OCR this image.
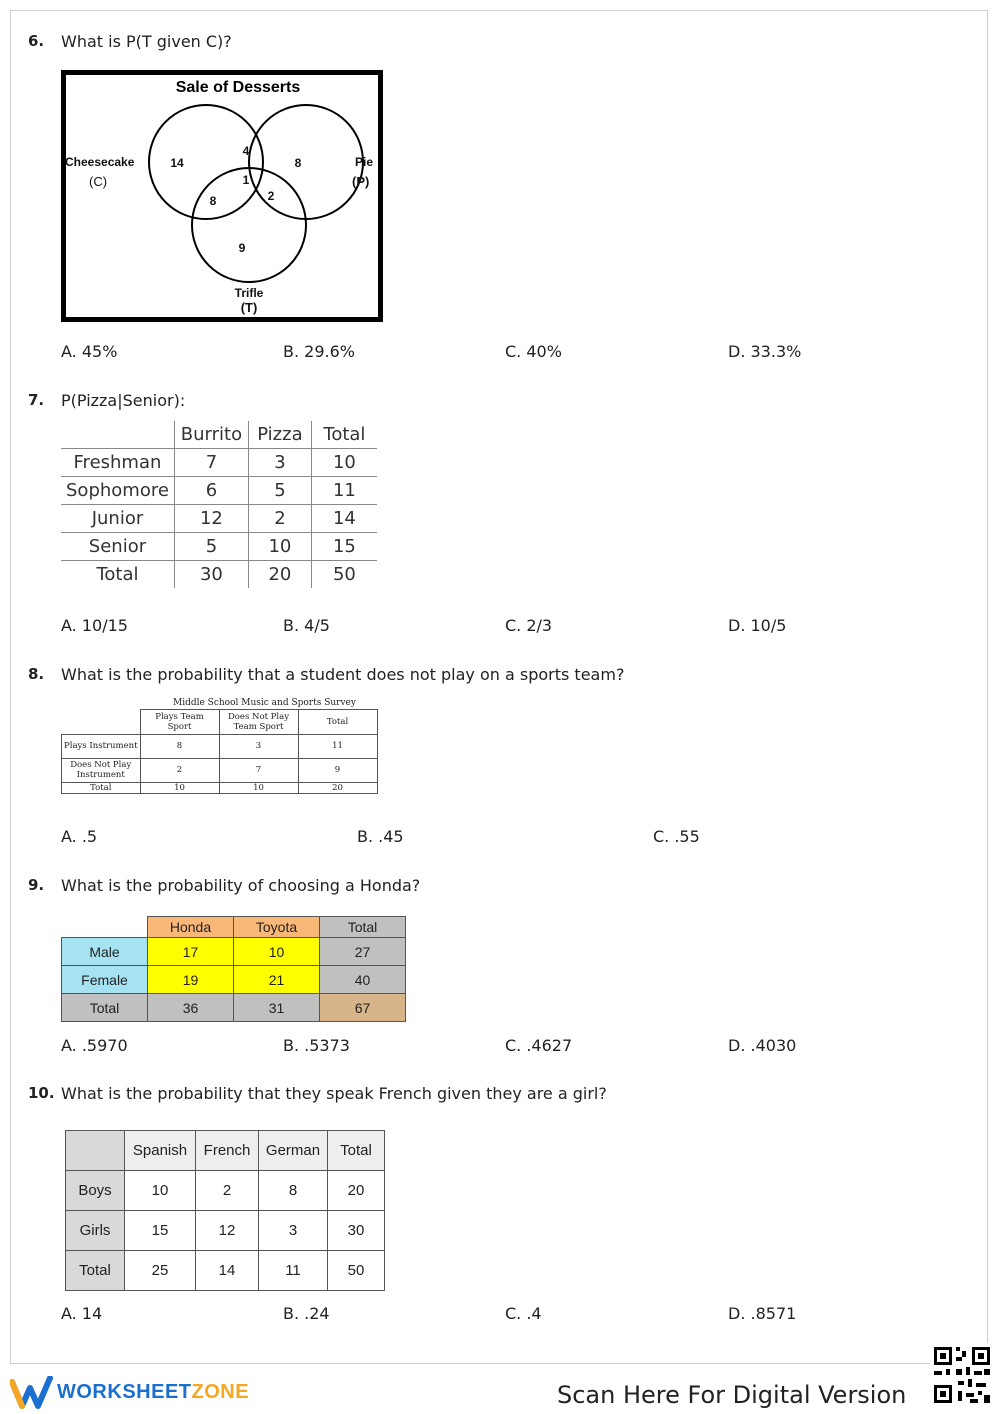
6. What is P(T given C)?
Sale of Desserts
Cheesecake
(C)
Pie
(P)
Trifle
(T)
14
4
8
1
8	2
9
A. 45%	B. 29.6%	C. 40%	D. 33.3%
7. P(Pizza|Senior):
	Burrito	Pizza	Total
Freshman	7	3	10
Sophomore	6	5	11
Junior	12	2	14
Senior	5	10	15
Total	30	20	50
A. 10/15	B. 4/5	C. 2/3	D. 10/5
8. What is the probability that a student does not play on a sports team?
Middle School Music and Sports Survey
	Plays Team Sport	Does Not Play Team Sport	Total
Plays Instrument	8	3	11
Does Not Play Instrument	2	7	9
Total	10	10	20
A. .5	B. .45	C. .55
9. What is the probability of choosing a Honda?
	Honda	Toyota	Total
Male	17	10	27
Female	19	21	40
Total	36	31	67
A. .5970	B. .5373	C. .4627	D. .4030
10. What is the probability that they speak French given they are a girl?
	Spanish	French	German	Total
Boys	10	2	8	20
Girls	15	12	3	30
Total	25	14	11	50
A. 14	B. .24	C. .4	D. .8571
WORKSHEETZONE	Scan Here For Digital Version
